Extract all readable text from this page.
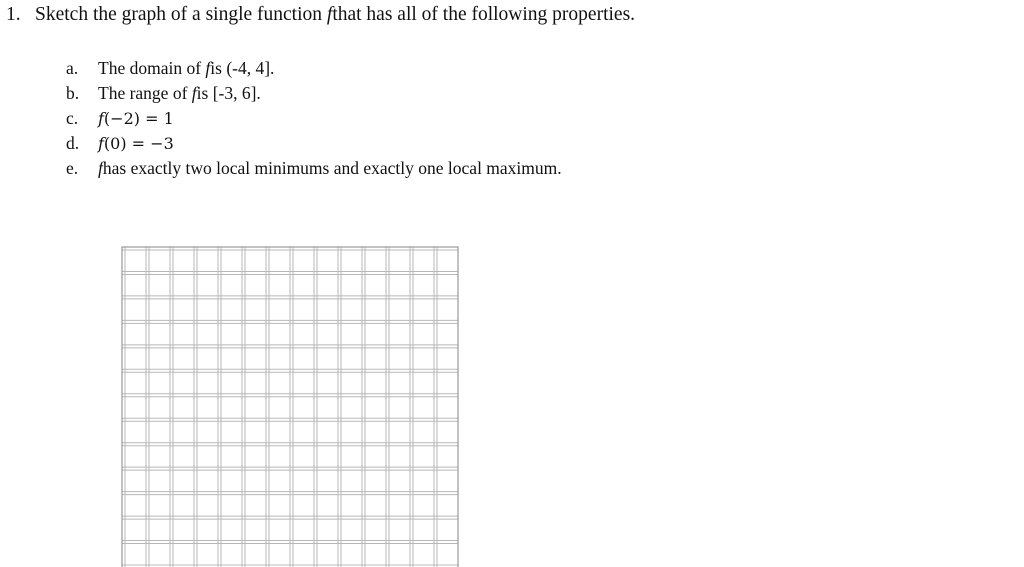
1. Sketch the graph of a single function fthat has all of the following properties.
a. The domain of fis (-4, 4].
b. The range of fis [-3, 6].
c. f(−2) = 1
d. f(0) = −3
e. fhas exactly two local minimums and exactly one local maximum.
